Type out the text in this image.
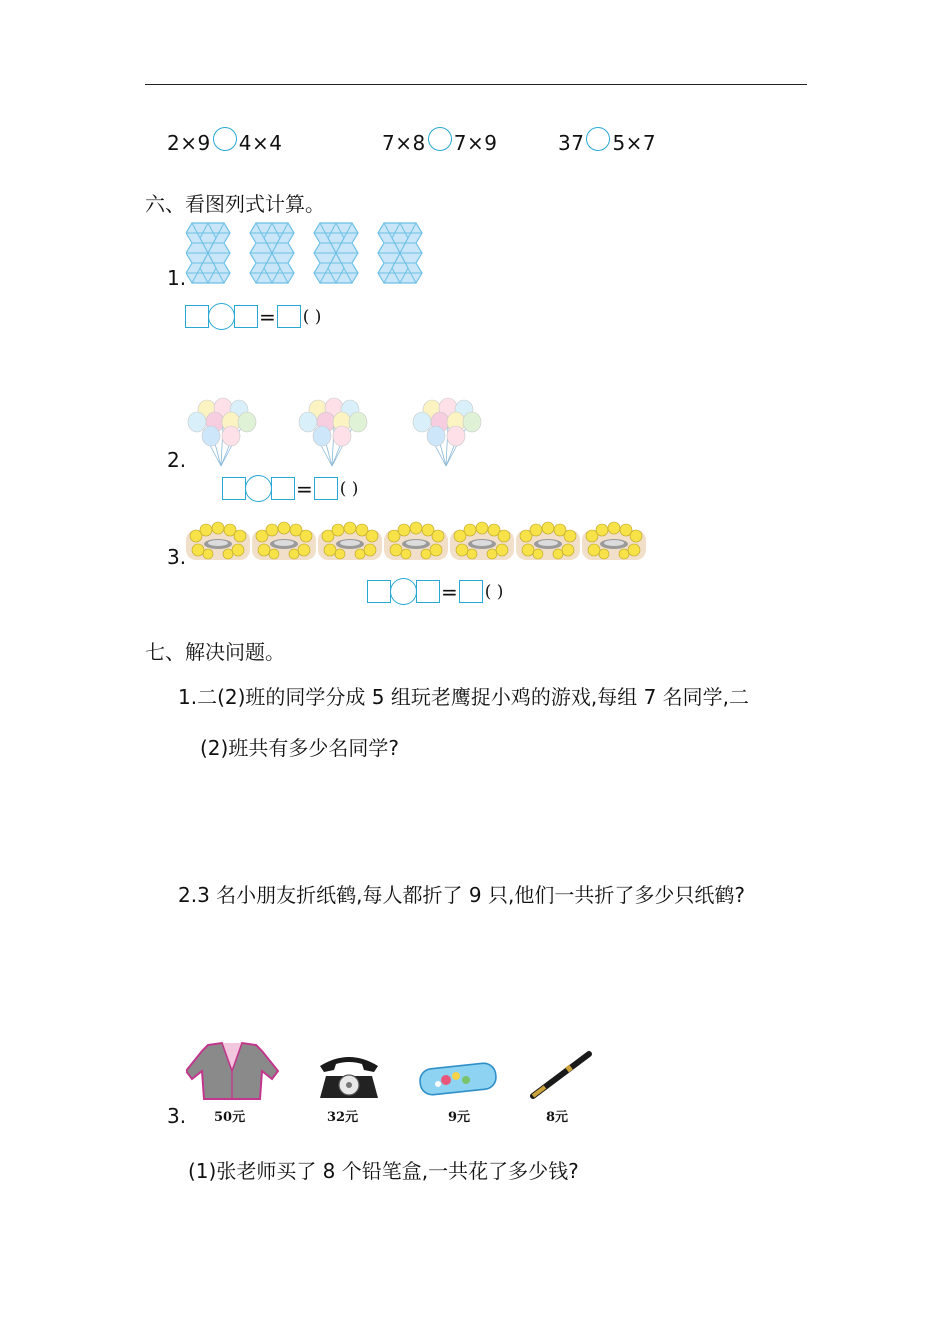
2×9 4×4	7×8 7×9	37 5×7
六、看图列式计算。
1.
= ( )
2.
= ( )
3.
= ( )
七、解决问题。
1.二(2)班的同学分成 5 组玩老鹰捉小鸡的游戏,每组 7 名同学,二
(2)班共有多少名同学?
2.3 名小朋友折纸鹤,每人都折了 9 只,他们一共折了多少只纸鹤?
3. 50元	32元	9元	8元
(1)张老师买了 8 个铅笔盒,一共花了多少钱?
